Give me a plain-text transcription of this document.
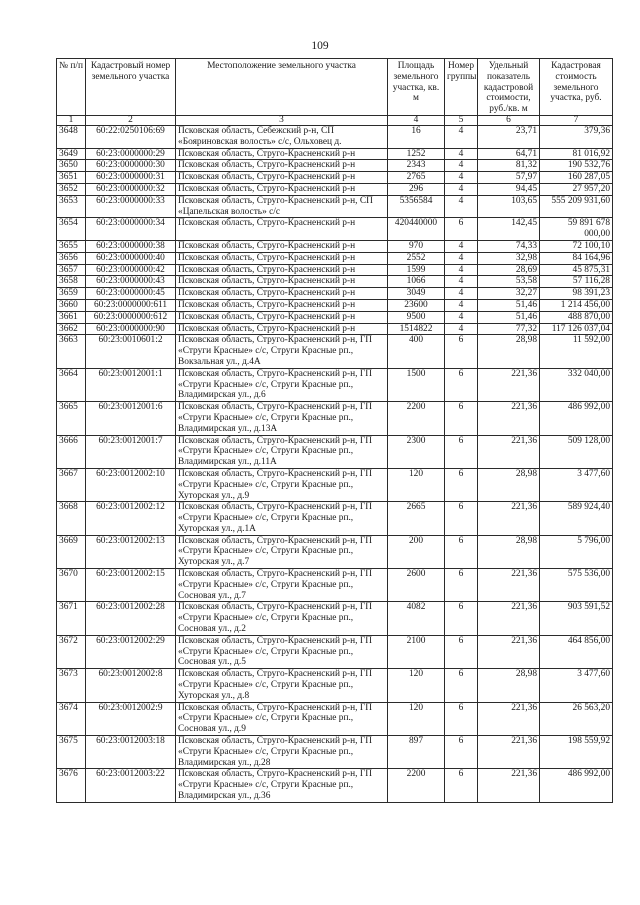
109
№ п/п	Кадастровый номер земельного участка	Местоположение земельного участка	Площадь земельного участка, кв. м	Номер группы	Удельный показатель кадастровой стоимости, руб./кв. м	Кадастровая стоимость земельного участка, руб.
1	2	3	4	5	6	7
3648	60:22:0250106:69	Псковская область, Себежский р-н, СП «Бояриновская волость» с/с, Ольховец д.	16	4	23,71	379,36
3649	60:23:0000000:29	Псковская область, Струго-Красненский р-н	1252	4	64,71	81 016,92
3650	60:23:0000000:30	Псковская область, Струго-Красненский р-н	2343	4	81,32	190 532,76
3651	60:23:0000000:31	Псковская область, Струго-Красненский р-н	2765	4	57,97	160 287,05
3652	60:23:0000000:32	Псковская область, Струго-Красненский р-н	296	4	94,45	27 957,20
3653	60:23:0000000:33	Псковская область, Струго-Красненский р-н, СП «Цапельская волость» с/с	5356584	4	103,65	555 209 931,60
3654	60:23:0000000:34	Псковская область, Струго-Красненский р-н	420440000	6	142,45	59 891 678 000,00
3655	60:23:0000000:38	Псковская область, Струго-Красненский р-н	970	4	74,33	72 100,10
3656	60:23:0000000:40	Псковская область, Струго-Красненский р-н	2552	4	32,98	84 164,96
3657	60:23:0000000:42	Псковская область, Струго-Красненский р-н	1599	4	28,69	45 875,31
3658	60:23:0000000:43	Псковская область, Струго-Красненский р-н	1066	4	53,58	57 116,28
3659	60:23:0000000:45	Псковская область, Струго-Красненский р-н	3049	4	32,27	98 391,23
3660	60:23:0000000:611	Псковская область, Струго-Красненский р-н	23600	4	51,46	1 214 456,00
3661	60:23:0000000:612	Псковская область, Струго-Красненский р-н	9500	4	51,46	488 870,00
3662	60:23:0000000:90	Псковская область, Струго-Красненский р-н	1514822	4	77,32	117 126 037,04
3663	60:23:0010601:2	Псковская область, Струго-Красненский р-н, ГП «Струги Красные» с/с, Струги Красные рп., Вокзальная ул., д.4А	400	6	28,98	11 592,00
3664	60:23:0012001:1	Псковская область, Струго-Красненский р-н, ГП «Струги Красные» с/с, Струги Красные рп., Владимирская ул., д.6	1500	6	221,36	332 040,00
3665	60:23:0012001:6	Псковская область, Струго-Красненский р-н, ГП «Струги Красные» с/с, Струги Красные рп., Владимирская ул., д.13А	2200	6	221,36	486 992,00
3666	60:23:0012001:7	Псковская область, Струго-Красненский р-н, ГП «Струги Красные» с/с, Струги Красные рп., Владимирская ул., д.11А	2300	6	221,36	509 128,00
3667	60:23:0012002:10	Псковская область, Струго-Красненский р-н, ГП «Струги Красные» с/с, Струги Красные рп., Хуторская ул., д.9	120	6	28,98	3 477,60
3668	60:23:0012002:12	Псковская область, Струго-Красненский р-н, ГП «Струги Красные» с/с, Струги Красные рп., Хуторская ул., д.1А	2665	6	221,36	589 924,40
3669	60:23:0012002:13	Псковская область, Струго-Красненский р-н, ГП «Струги Красные» с/с, Струги Красные рп., Хуторская ул., д.7	200	6	28,98	5 796,00
3670	60:23:0012002:15	Псковская область, Струго-Красненский р-н, ГП «Струги Красные» с/с, Струги Красные рп., Сосновая ул., д.7	2600	6	221,36	575 536,00
3671	60:23:0012002:28	Псковская область, Струго-Красненский р-н, ГП «Струги Красные» с/с, Струги Красные рп., Сосновая ул., д.2	4082	6	221,36	903 591,52
3672	60:23:0012002:29	Псковская область, Струго-Красненский р-н, ГП «Струги Красные» с/с, Струги Красные рп., Сосновая ул., д.5	2100	6	221,36	464 856,00
3673	60:23:0012002:8	Псковская область, Струго-Красненский р-н, ГП «Струги Красные» с/с, Струги Красные рп., Хуторская ул., д.8	120	6	28,98	3 477,60
3674	60:23:0012002:9	Псковская область, Струго-Красненский р-н, ГП «Струги Красные» с/с, Струги Красные рп., Сосновая ул., д.9	120	6	221,36	26 563,20
3675	60:23:0012003:18	Псковская область, Струго-Красненский р-н, ГП «Струги Красные» с/с, Струги Красные рп., Владимирская ул., д.28	897	6	221,36	198 559,92
3676	60:23:0012003:22	Псковская область, Струго-Красненский р-н, ГП «Струги Красные» с/с, Струги Красные рп., Владимирская ул., д.36	2200	6	221,36	486 992,00
